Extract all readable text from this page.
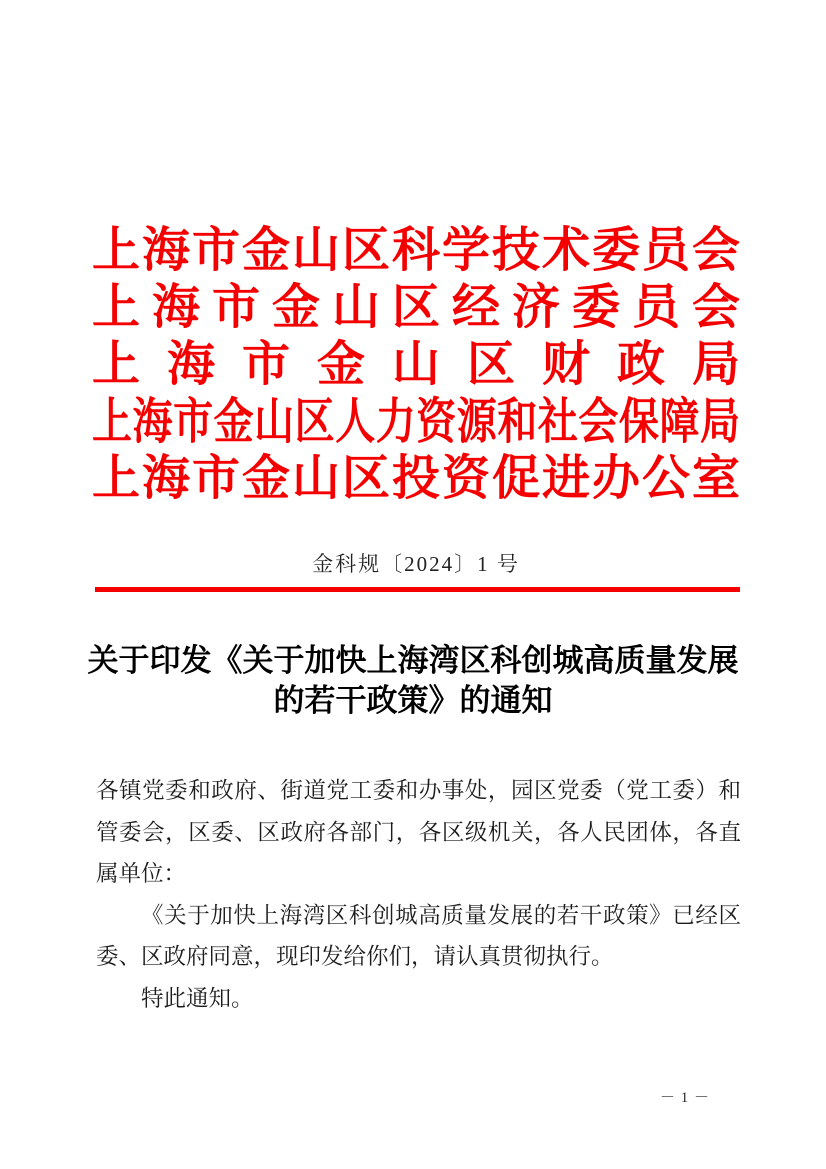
上海市金山区科学技术委员会
上海市金山区经济委员会
上海市金山区财政局
上海市金山区人力资源和社会保障局
上海市金山区投资促进办公室
金科规〔2024〕1 号
关于印发《关于加快上海湾区科创城高质量发展
的若干政策》的通知

各镇党委和政府、街道党工委和办事处，园区党委（党工委）和管委会，区委、区政府各部门，各区级机关，各人民团体，各直属单位：

《关于加快上海湾区科创城高质量发展的若干政策》已经区委、区政府同意，现印发给你们，请认真贯彻执行。

特此通知。

－ 1 －
